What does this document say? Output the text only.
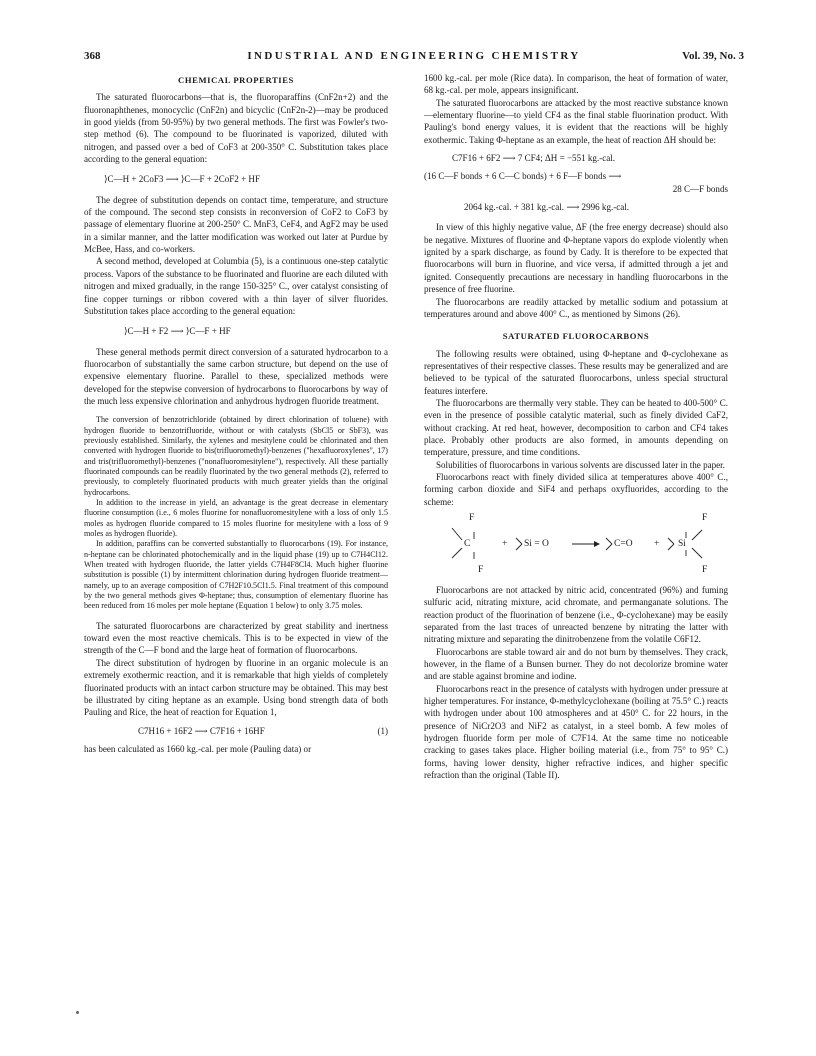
368	INDUSTRIAL AND ENGINEERING CHEMISTRY	Vol. 39, No. 3
CHEMICAL PROPERTIES

The saturated fluorocarbons—that is, the fluoroparaffins (CnF2n+2) and the fluoronaphthenes, monocyclic (CnF2n) and bicyclic (CnF2n-2)—may be produced in good yields (from 50-95%) by two general methods. The first was Fowler's two-step method (6). The compound to be fluorinated is vaporized, diluted with nitrogen, and passed over a bed of CoF3 at 200-350° C. Substitution takes place according to the general equation:

⟩C—H + 2CoF3 ⟶ ⟩C—F + 2CoF2 + HF

The degree of substitution depends on contact time, temperature, and structure of the compound. The second step consists in reconversion of CoF2 to CoF3 by passage of elementary fluorine at 200-250° C. MnF3, CeF4, and AgF2 may be used in a similar manner, and the latter modification was worked out later at Purdue by McBee, Hass, and co-workers.

A second method, developed at Columbia (5), is a continuous one-step catalytic process. Vapors of the substance to be fluorinated and fluorine are each diluted with nitrogen and mixed gradually, in the range 150-325° C., over catalyst consisting of fine copper turnings or ribbon covered with a thin layer of silver fluorides. Substitution takes place according to the general equation:

⟩C—H + F2 ⟶ ⟩C—F + HF

These general methods permit direct conversion of a saturated hydrocarbon to a fluorocarbon of substantially the same carbon structure, but depend on the use of expensive elementary fluorine. Parallel to these, specialized methods were developed for the stepwise conversion of hydrocarbons to fluorocarbons by way of the much less expensive chlorination and anhydrous hydrogen fluoride treatment.

The conversion of benzotrichloride (obtained by direct chlorination of toluene) with hydrogen fluoride to benzotrifluoride, without or with catalysts (SbCl5 or SbF3), was previously established. Similarly, the xylenes and mesitylene could be chlorinated and then converted with hydrogen fluoride to bis(trifluoromethyl)-benzenes ("hexafluoroxylenes", 17) and tris(trifluoromethyl)-benzenes ("nonafluoromesitylene"), respectively. All these partially fluorinated compounds can be readily fluorinated by the two general methods (2), referred to previously, to completely fluorinated products with much greater yields than the original hydrocarbons.

In addition to the increase in yield, an advantage is the great decrease in elementary fluorine consumption (i.e., 6 moles fluorine for nonafluoromesitylene with a loss of only 1.5 moles as hydrogen fluoride compared to 15 moles fluorine for mesitylene with a loss of 9 moles as hydrogen fluoride).

In addition, paraffins can be converted substantially to fluorocarbons (19). For instance, n-heptane can be chlorinated photochemically and in the liquid phase (19) up to C7H4Cl12. When treated with hydrogen fluoride, the latter yields C7H4F8Cl4. Much higher fluorine substitution is possible (1) by intermittent chlorination during hydrogen fluoride treatment—namely, up to an average composition of C7H2F10.5Cl1.5. Final treatment of this compound by the two general methods gives Φ-heptane; thus, consumption of elementary fluorine has been reduced from 16 moles per mole heptane (Equation 1 below) to only 3.75 moles.

The saturated fluorocarbons are characterized by great stability and inertness toward even the most reactive chemicals. This is to be expected in view of the strength of the C—F bond and the large heat of formation of fluorocarbons.

The direct substitution of hydrogen by fluorine in an organic molecule is an extremely exothermic reaction, and it is remarkable that high yields of completely fluorinated products with an intact carbon structure may be obtained. This may best be illustrated by citing heptane as an example. Using bond strength data of both Pauling and Rice, the heat of reaction for Equation 1,

C7H16 + 16F2 ⟶ C7F16 + 16HF	(1)

has been calculated as 1660 kg.-cal. per mole (Pauling data) or

1600 kg.-cal. per mole (Rice data). In comparison, the heat of formation of water, 68 kg.-cal. per mole, appears insignificant.

The saturated fluorocarbons are attacked by the most reactive substance known—elementary fluorine—to yield CF4 as the final stable fluorination product. With Pauling's bond energy values, it is evident that the reactions will be highly exothermic. Taking Φ-heptane as an example, the heat of reaction ΔH should be:

C7F16 + 6F2 ⟶ 7 CF4; ΔH = −551 kg.-cal.
(16 C—F bonds + 6 C—C bonds) + 6 F—F bonds ⟶
28 C—F bonds
2064 kg.-cal. + 381 kg.-cal. ⟶ 2996 kg.-cal.

In view of this highly negative value, ΔF (the free energy decrease) should also be negative. Mixtures of fluorine and Φ-heptane vapors do explode violently when ignited by a spark discharge, as found by Cady. It is therefore to be expected that fluorocarbons will burn in fluorine, and vice versa, if admitted through a jet and ignited. Consequently precautions are necessary in handling fluorocarbons in the presence of free fluorine.

The fluorocarbons are readily attacked by metallic sodium and potassium at temperatures around and above 400° C., as mentioned by Simons (26).

SATURATED FLUOROCARBONS

The following results were obtained, using Φ-heptane and Φ-cyclohexane as representatives of their respective classes. These results may be generalized and are believed to be typical of the saturated fluorocarbons, unless special structural features interfere.

The fluorocarbons are thermally very stable. They can be heated to 400-500° C. even in the presence of possible catalytic material, such as finely divided CaF2, without cracking. At red heat, however, decomposition to carbon and CF4 takes place. Probably other products are also formed, in amounts depending on temperature, pressure, and time conditions.

Solubilities of fluorocarbons in various solvents are discussed later in the paper.

Fluorocarbons react with finely divided silica at temperatures above 400° C., forming carbon dioxide and SiF4 and perhaps oxyfluorides, according to the scheme:

F
C
F
+ Si = O	C=O + Si
F
F

Fluorocarbons are not attacked by nitric acid, concentrated (96%) and fuming sulfuric acid, nitrating mixture, acid chromate, and permanganate solutions. The reaction product of the fluorination of benzene (i.e., Φ-cyclohexane) may be easily separated from the last traces of unreacted benzene by nitrating the latter with nitrating mixture and separating the dinitrobenzene from the volatile C6F12.

Fluorocarbons are stable toward air and do not burn by themselves. They crack, however, in the flame of a Bunsen burner. They do not decolorize bromine water and are stable against bromine and iodine.

Fluorocarbons react in the presence of catalysts with hydrogen under pressure at higher temperatures. For instance, Φ-methylcyclohexane (boiling at 75.5° C.) reacts with hydrogen under about 100 atmospheres and at 450° C. for 22 hours, in the presence of NiCr2O3 and NiF2 as catalyst, in a steel bomb. A few moles of hydrogen fluoride form per mole of C7F14. At the same time no noticeable cracking to gases takes place. Higher boiling material (i.e., from 75° to 95° C.) forms, having lower density, higher refractive indices, and higher specific refraction than the original (Table II).
